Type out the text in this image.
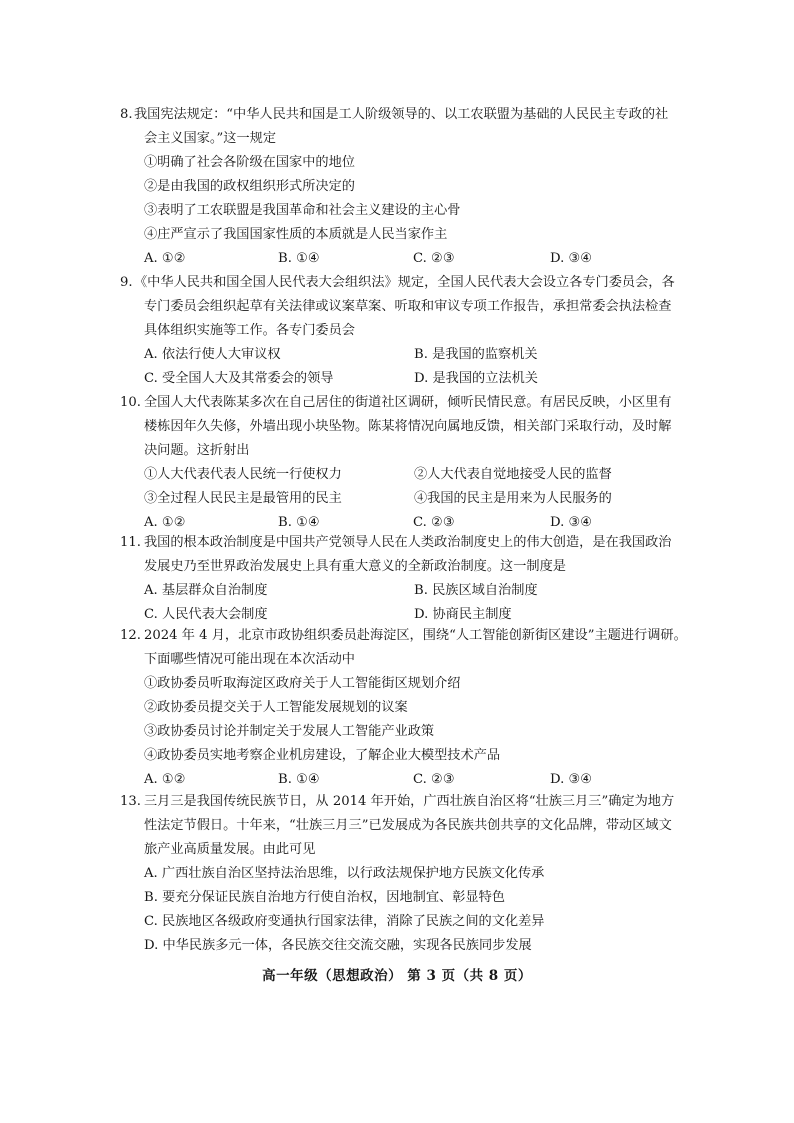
8. 我国宪法规定：“中华人民共和国是工人阶级领导的、以工农联盟为基础的人民民主专政的社
会主义国家。”这一规定
①明确了社会各阶级在国家中的地位
②是由我国的政权组织形式所决定的
③表明了工农联盟是我国革命和社会主义建设的主心骨
④庄严宣示了我国国家性质的本质就是人民当家作主
A. ①②	B. ①④	C. ②③	D. ③④
9. 《中华人民共和国全国人民代表大会组织法》规定，全国人民代表大会设立各专门委员会，各
专门委员会组织起草有关法律或议案草案、听取和审议专项工作报告，承担常委会执法检查
具体组织实施等工作。各专门委员会
A. 依法行使人大审议权	B. 是我国的监察机关
C. 受全国人大及其常委会的领导	D. 是我国的立法机关
10. 全国人大代表陈某多次在自己居住的街道社区调研，倾听民情民意。有居民反映，小区里有
楼栋因年久失修，外墙出现小块坠物。陈某将情况向属地反馈，相关部门采取行动，及时解
决问题。这折射出
①人大代表代表人民统一行使权力	②人大代表自觉地接受人民的监督
③全过程人民民主是最管用的民主	④我国的民主是用来为人民服务的
A. ①②	B. ①④	C. ②③	D. ③④
11. 我国的根本政治制度是中国共产党领导人民在人类政治制度史上的伟大创造，是在我国政治
发展史乃至世界政治发展史上具有重大意义的全新政治制度。这一制度是
A. 基层群众自治制度	B. 民族区域自治制度
C. 人民代表大会制度	D. 协商民主制度
12. 2024 年 4 月，北京市政协组织委员赴海淀区，围绕“人工智能创新街区建设”主题进行调研。
下面哪些情况可能出现在本次活动中
①政协委员听取海淀区政府关于人工智能街区规划介绍
②政协委员提交关于人工智能发展规划的议案
③政协委员讨论并制定关于发展人工智能产业政策
④政协委员实地考察企业机房建设，了解企业大模型技术产品
A. ①②	B. ①④	C. ②③	D. ③④
13. 三月三是我国传统民族节日，从 2014 年开始，广西壮族自治区将“壮族三月三”确定为地方
性法定节假日。十年来，“壮族三月三”已发展成为各民族共创共享的文化品牌，带动区域文
旅产业高质量发展。由此可见
A. 广西壮族自治区坚持法治思维，以行政法规保护地方民族文化传承
B. 要充分保证民族自治地方行使自治权，因地制宜、彰显特色
C. 民族地区各级政府变通执行国家法律，消除了民族之间的文化差异
D. 中华民族多元一体，各民族交往交流交融，实现各民族同步发展
高一年级（思想政治） 第 3 页（共 8 页）
